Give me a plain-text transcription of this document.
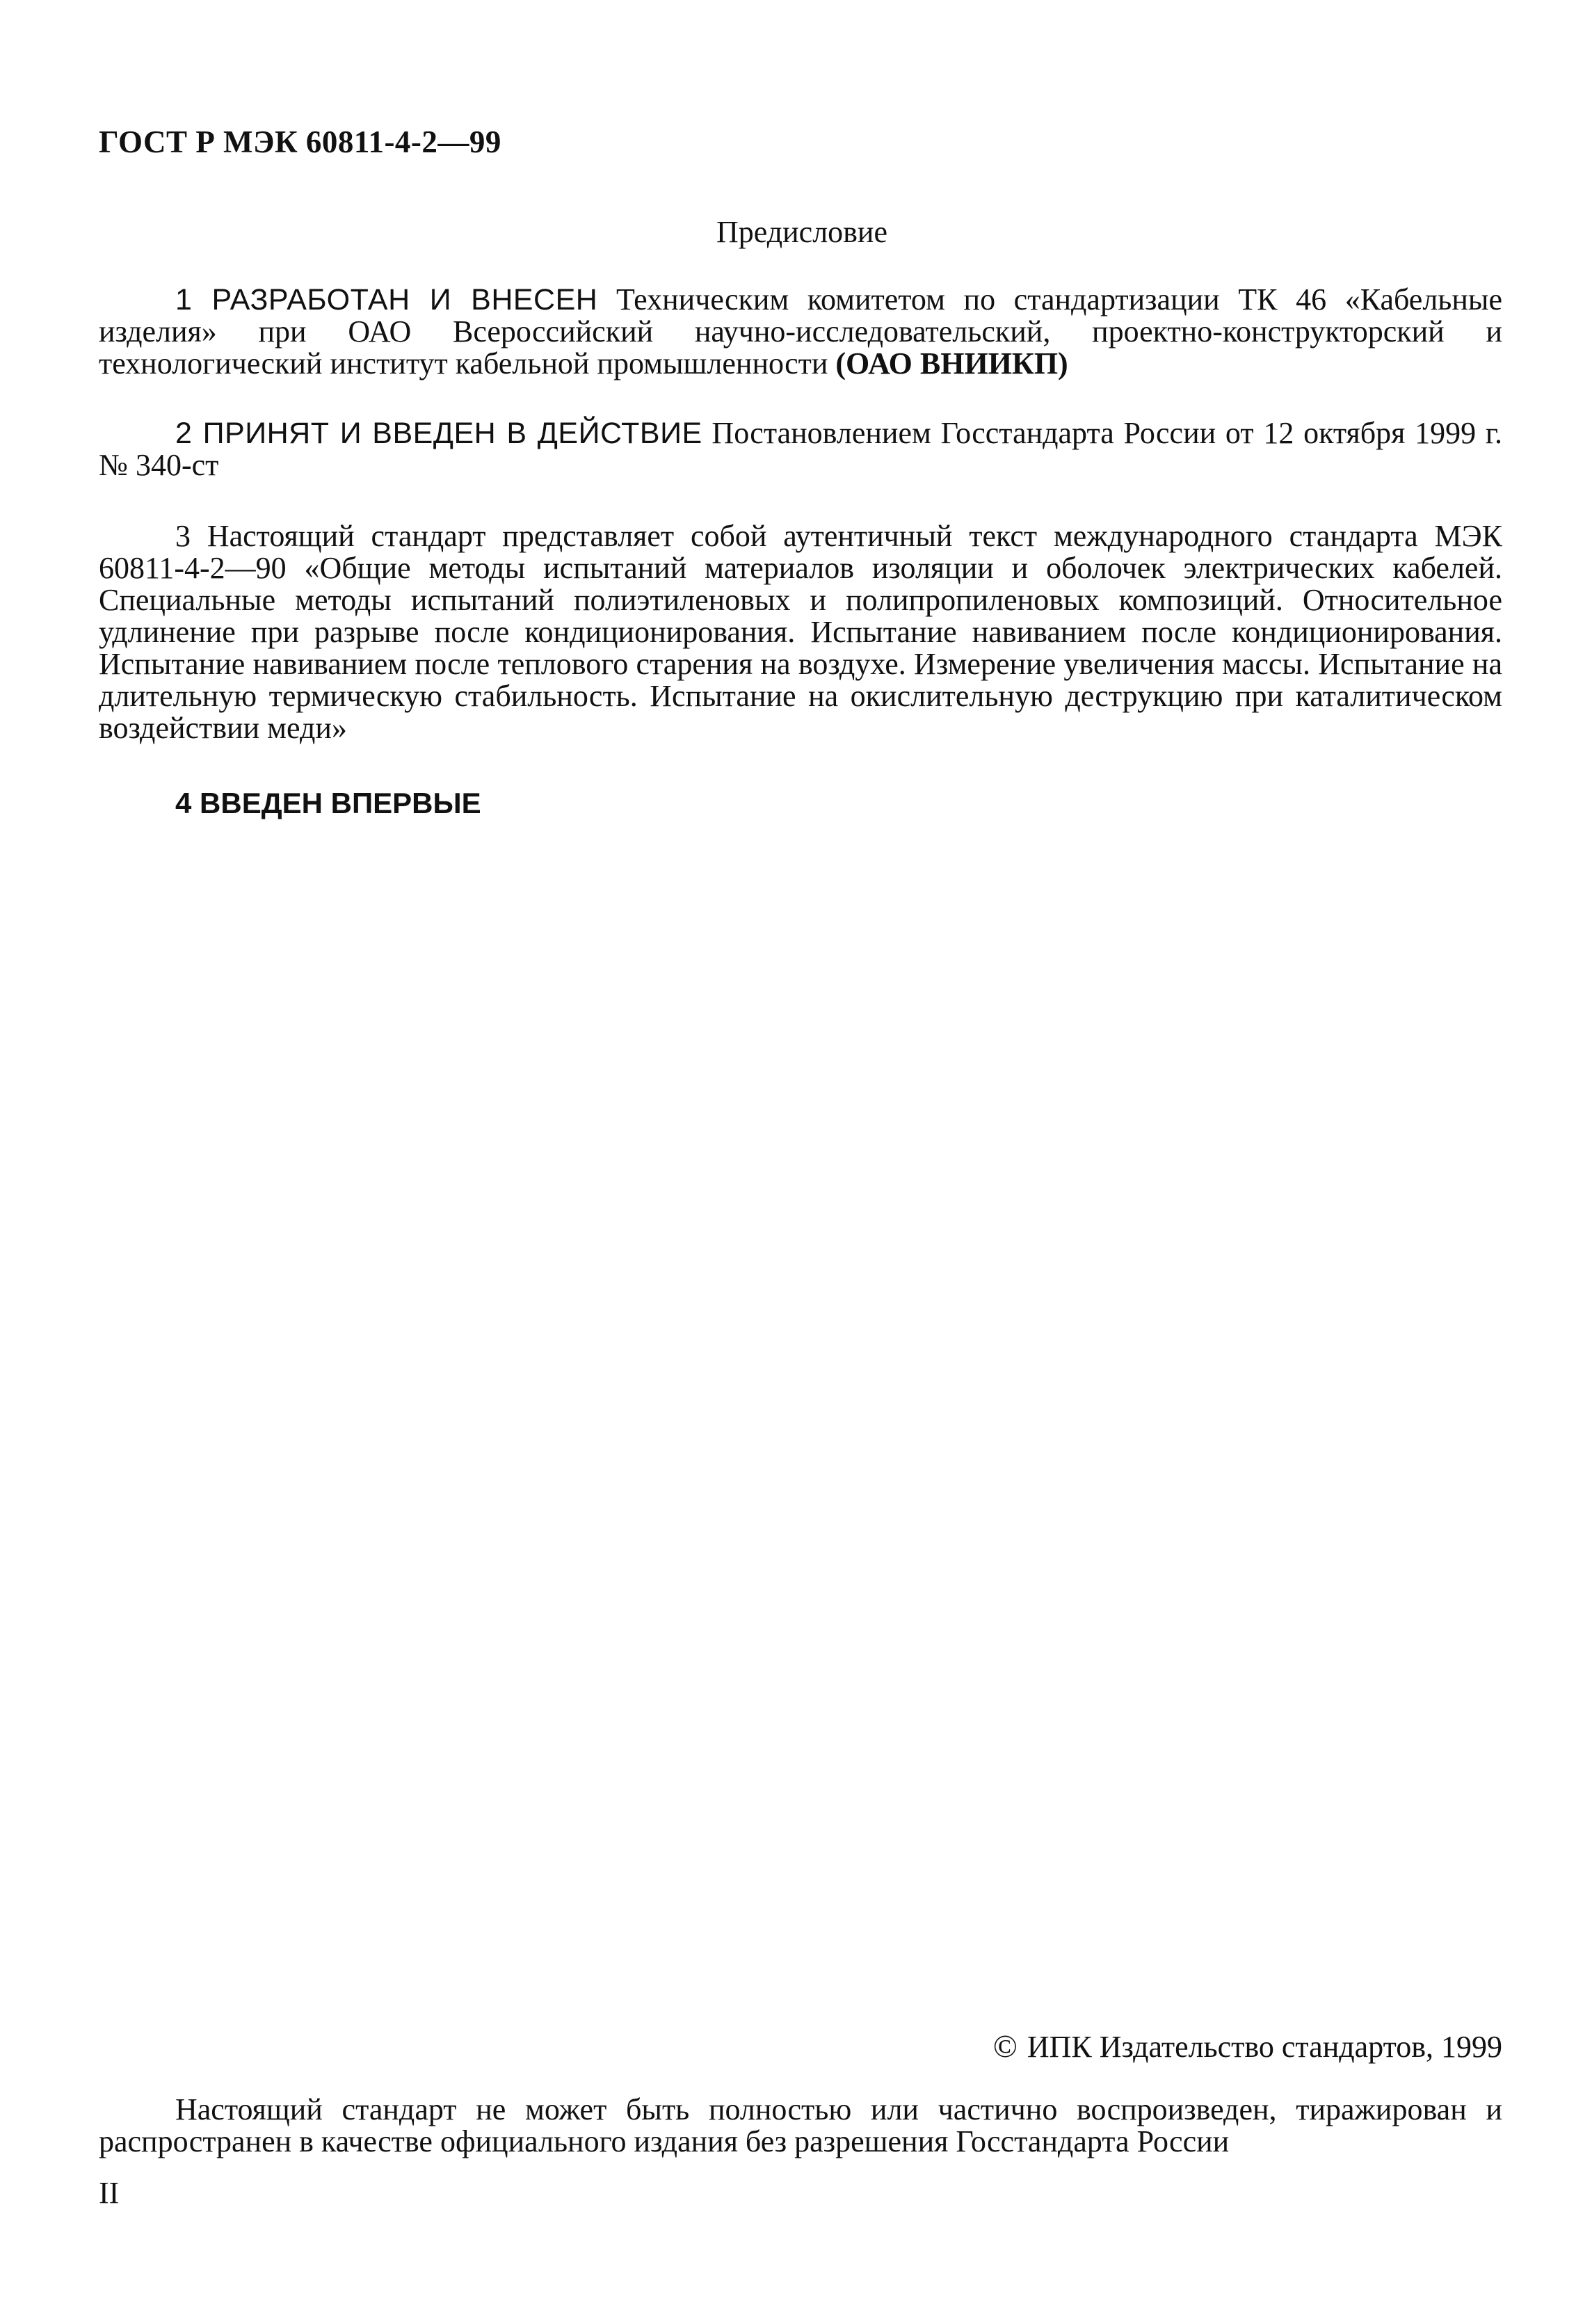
ГОСТ Р МЭК 60811-4-2—99
Предисловие

1 РАЗРАБОТАН И ВНЕСЕН Техническим комитетом по стандартизации ТК 46 «Кабельные изделия» при ОАО Всероссийский научно-исследовательский, проектно-конструкторский и технологический институт кабельной промышленности (ОАО ВНИИКП)

2 ПРИНЯТ И ВВЕДЕН В ДЕЙСТВИЕ Постановлением Госстандарта России от 12 октября 1999 г. № 340-ст

3 Настоящий стандарт представляет собой аутентичный текст международного стандарта МЭК 60811-4-2—90 «Общие методы испытаний материалов изоляции и оболочек электрических кабелей. Специальные методы испытаний полиэтиленовых и полипропиленовых композиций. Относительное удлинение при разрыве после кондиционирования. Испытание навиванием после кондиционирования. Испытание навиванием после теплового старения на воздухе. Измерение увеличения массы. Испытание на длительную термическую стабильность. Испытание на окислительную деструкцию при каталитическом воздействии меди»

4 ВВЕДЕН ВПЕРВЫЕ

© ИПК Издательство стандартов, 1999

Настоящий стандарт не может быть полностью или частично воспроизведен, тиражирован и распространен в качестве официального издания без разрешения Госстандарта России

II
